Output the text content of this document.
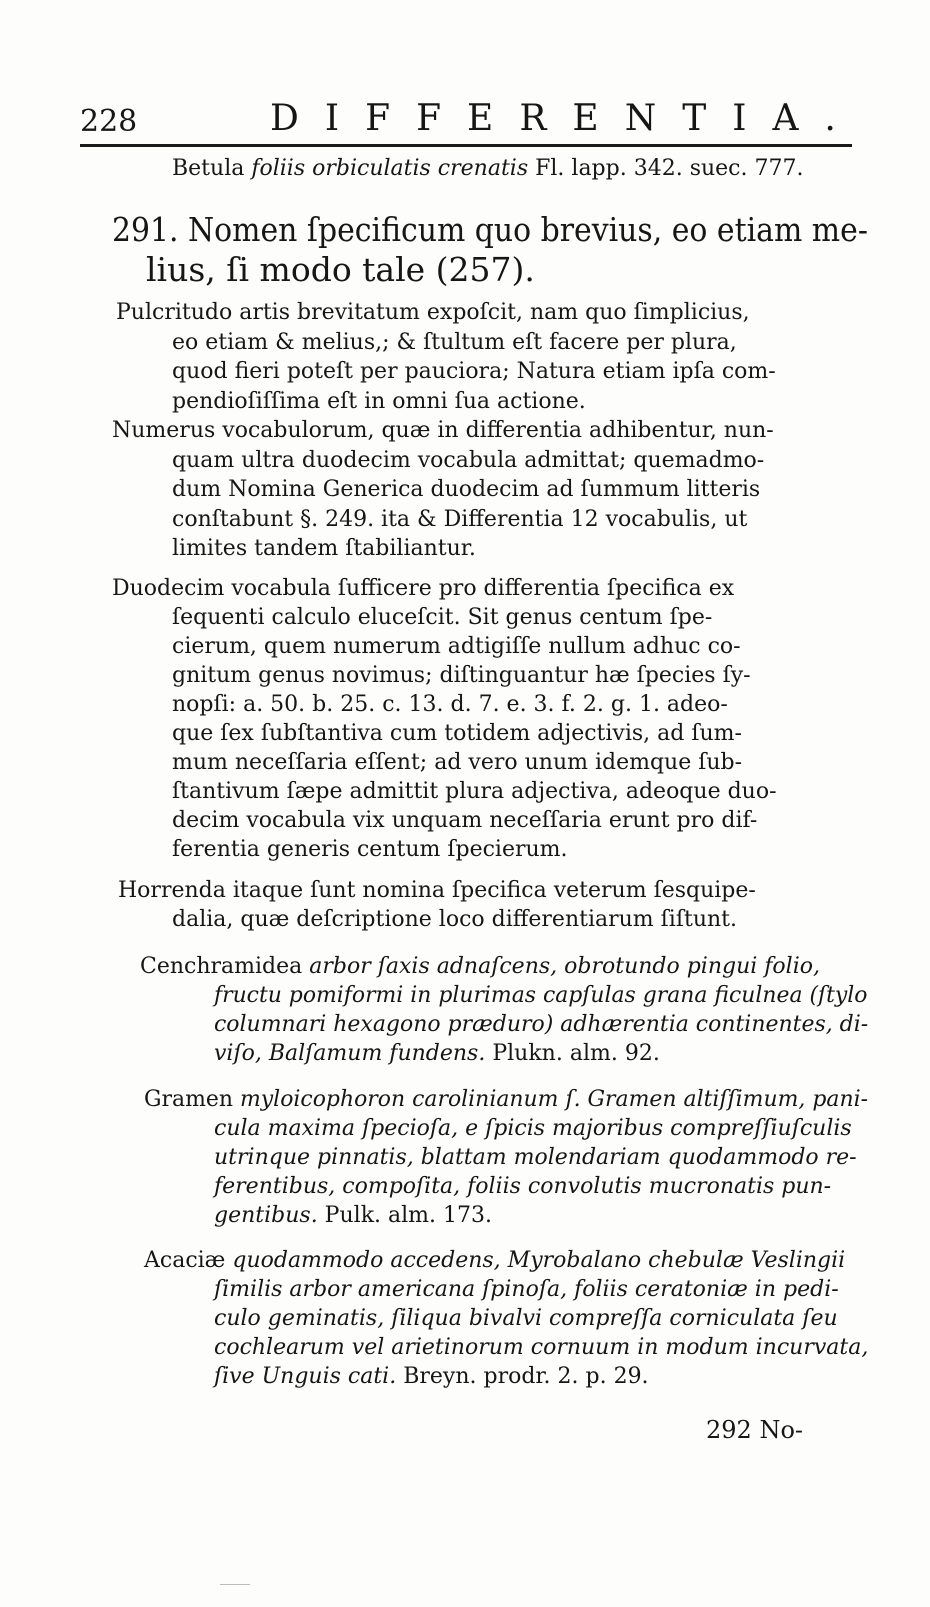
228	DIFFERENTIA.
Betula foliis orbiculatis crenatis Fl. lapp. 342. suec. 777.
291. Nomen ſpecificum quo brevius, eo etiam me-
lius, ſi modo tale (257).
Pulcritudo artis brevitatum expoſcit, nam quo ſimplicius,
eo etiam & melius,; & ſtultum eſt facere per plura,
quod fieri poteſt per pauciora; Natura etiam ipſa com-
pendioſiſſima eſt in omni ſua actione.
Numerus vocabulorum, quæ in differentia adhibentur, nun-
quam ultra duodecim vocabula admittat; quemadmo-
dum Nomina Generica duodecim ad ſummum litteris
conſtabunt §. 249. ita & Differentia 12 vocabulis, ut
limites tandem ſtabiliantur.
Duodecim vocabula ſufficere pro differentia ſpecifica ex
ſequenti calculo eluceſcit. Sit genus centum ſpe-
cierum, quem numerum adtigiſſe nullum adhuc co-
gnitum genus novimus; diſtinguantur hæ ſpecies ſy-
nopſi: a. 50. b. 25. c. 13. d. 7. e. 3. f. 2. g. 1. adeo-
que ſex ſubſtantiva cum totidem adjectivis, ad ſum-
mum neceſſaria eſſent; ad vero unum idemque ſub-
ſtantivum ſæpe admittit plura adjectiva, adeoque duo-
decim vocabula vix unquam neceſſaria erunt pro dif-
ferentia generis centum ſpecierum.
Horrenda itaque ſunt nomina ſpecifica veterum ſesquipe-
dalia, quæ deſcriptione loco differentiarum ſiſtunt.
Cenchramidea arbor ſaxis adnaſcens, obrotundo pingui folio,
fructu pomiformi in plurimas capſulas grana ficulnea (ſtylo
columnari hexagono præduro) adhærentia continentes, di-
viſo, Balſamum fundens. Plukn. alm. 92.
Gramen myloicophoron carolinianum ſ. Gramen altiſſimum, pani-
cula maxima ſpecioſa, e ſpicis majoribus compreſſiuſculis
utrinque pinnatis, blattam molendariam quodammodo re-
ferentibus, compoſita, foliis convolutis mucronatis pun-
gentibus. Pulk. alm. 173.
Acaciæ quodammodo accedens, Myrobalano chebulæ Veslingii
ſimilis arbor americana ſpinoſa, foliis ceratoniæ in pedi-
culo geminatis, ſiliqua bivalvi compreſſa corniculata ſeu
cochlearum vel arietinorum cornuum in modum incurvata,
ſive Unguis cati. Breyn. prodr. 2. p. 29.
292 No-
